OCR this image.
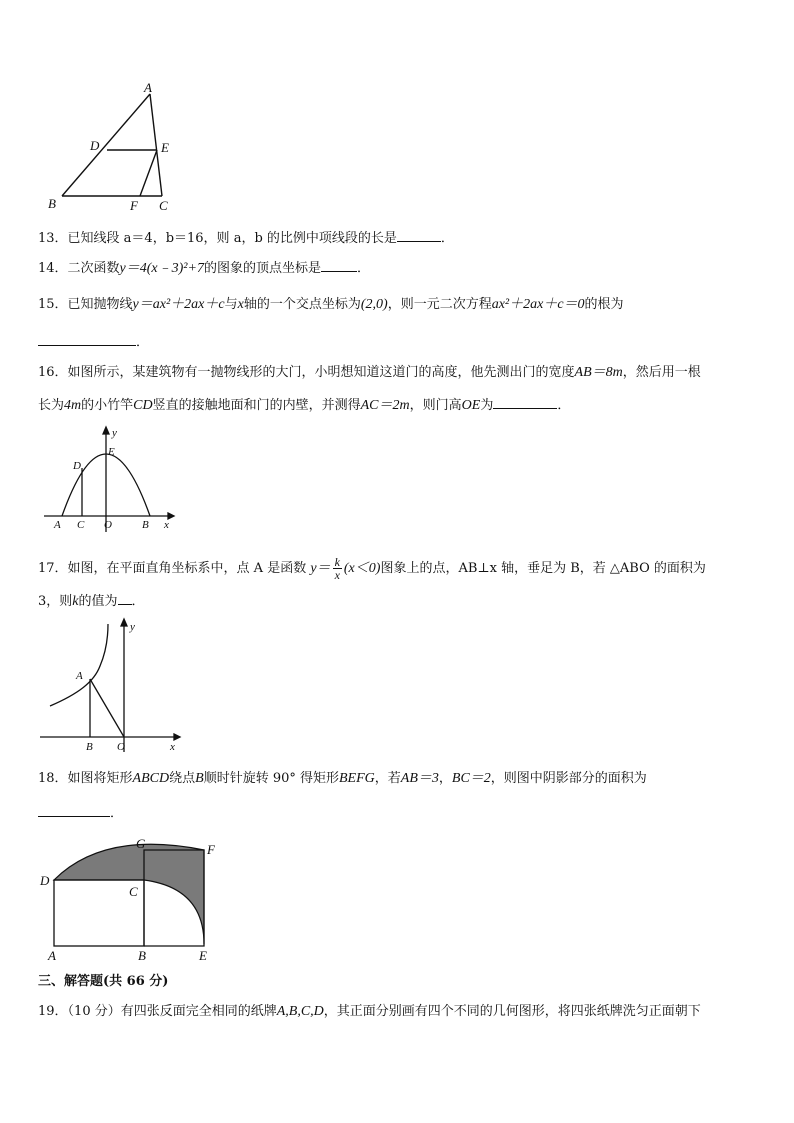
A
D	E
B	F C
13．已知线段 a＝4，b＝16，则 a，b 的比例中项线段的长是	．
14．二次函数y＝4(x﹣3)²+7的图象的顶点坐标是	．
15．已知抛物线y＝ax²＋2ax＋c与x轴的一个交点坐标为(2,0)，则一元二次方程ax²＋2ax＋c＝0的根为
．
16．如图所示，某建筑物有一抛物线形的大门，小明想知道这道门的高度，他先测出门的宽度AB＝8m，然后用一根
长为4m的小竹竿CD竖直的接触地面和门的内壁，并测得AC＝2m，则门高OE为	．
y
x
D
E
A C O	B
17．如图，在平面直角坐标系中，点 A 是函数 $y= \frac{k}{x} (x<0)$图象上的点，AB⊥x 轴，垂足为 B，若 △ABO 的面积为
3，则k的值为 ．
y
A
B O	x
18．如图将矩形ABCD绕点B顺时针旋转 90° 得矩形BEFG，若AB＝3，BC＝2，则图中阴影部分的面积为
．
G	F
D
C
A	B	E
三、解答题(共 66 分)
19．（10 分）有四张反面完全相同的纸牌A,B,C,D，其正面分别画有四个不同的几何图形，将四张纸牌洗匀正面朝下
